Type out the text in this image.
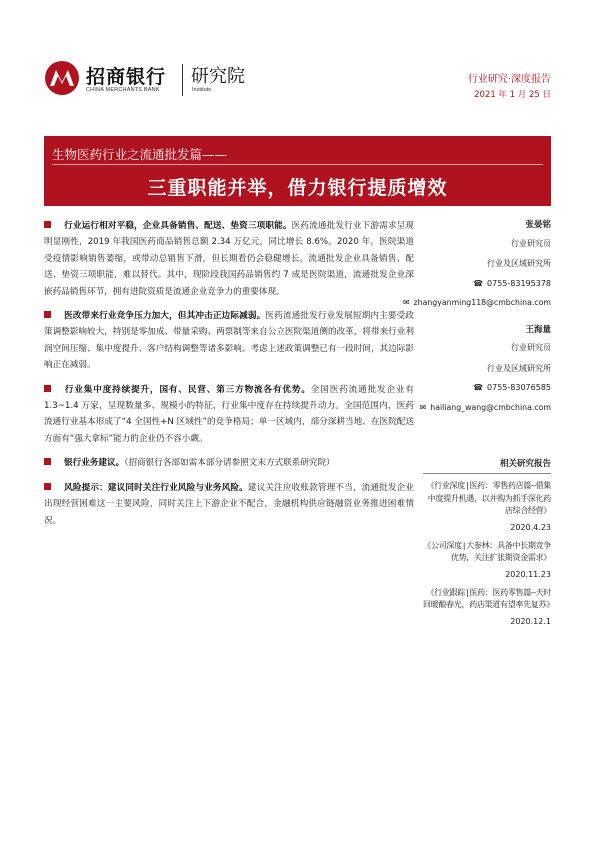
招商银行
CHINA MERCHANTS BANK
研究院
Institute
行业研究·深度报告
2021 年 1 月 25 日
生物医药行业之流通批发篇——
三重职能并举，借力银行提质增效

行业运行相对平稳，企业具备销售、配送、垫资三项职能。医药流通批发行业下游需求呈现明显刚性，2019 年我国医药商品销售总额 2.34 万亿元，同比增长 8.6%。2020 年，医院渠道受疫情影响销售萎缩，或带动总销售下滑，但长期看仍会稳健增长。流通批发企业具备销售、配送、垫资三项职能，难以替代。其中，现阶段我国药品销售约 7 成是医院渠道，流通批发企业深嵌药品销售环节，拥有进院资质是流通企业竞争力的重要体现。

医改带来行业竞争压力加大，但其冲击正边际减弱。医药流通批发行业发展短期内主要受政策调整影响较大，特别是零加成、带量采购、两票制等来自公立医院渠道侧的改革，将带来行业利润空间压缩、集中度提升、客户结构调整等诸多影响。考虑上述政策调整已有一段时间，其边际影响正在减弱。

行业集中度持续提升，国有、民营、第三方物流各有优势。全国医药流通批发企业有 1.3~1.4 万家，呈现数量多、规模小的特征，行业集中度存在持续提升动力。全国范围内，医药流通行业基本形成了“4 全国性+N 区域性”的竞争格局；单一区域内，部分深耕当地、在医院配送方面有“强大拿标”能力的企业仍不容小觑。

银行业务建议。（招商银行各部如需本部分请参照文末方式联系研究院）

风险提示：建议同时关注行业风险与业务风险。建议关注应收账款管理不当，流通批发企业出现经营困难这一主要风险，同时关注上下游企业不配合，金融机构供应链融资业务推进困难情况。

张晏铭
行业研究员
行业及区域研究所
☎ 0755-83195378
✉ zhangyanming118@cmbchina.com
王海量
行业研究员
行业及区域研究所
☎ 0755-83076585
✉ hailiang_wang@cmbchina.com
相关研究报告
《行业深度|医药：零售药店篇—借集中度提升机遇，以并购为抓手深化药店综合经营》
2020.4.23
《公司深度|大参林：具备中长期竞争优势，关注扩张期资金需求》
2020.11.23
《行业跟踪|医药：医药零售篇—天时回暖酿春光，药店渠道有望率先复苏》
2020.12.1
